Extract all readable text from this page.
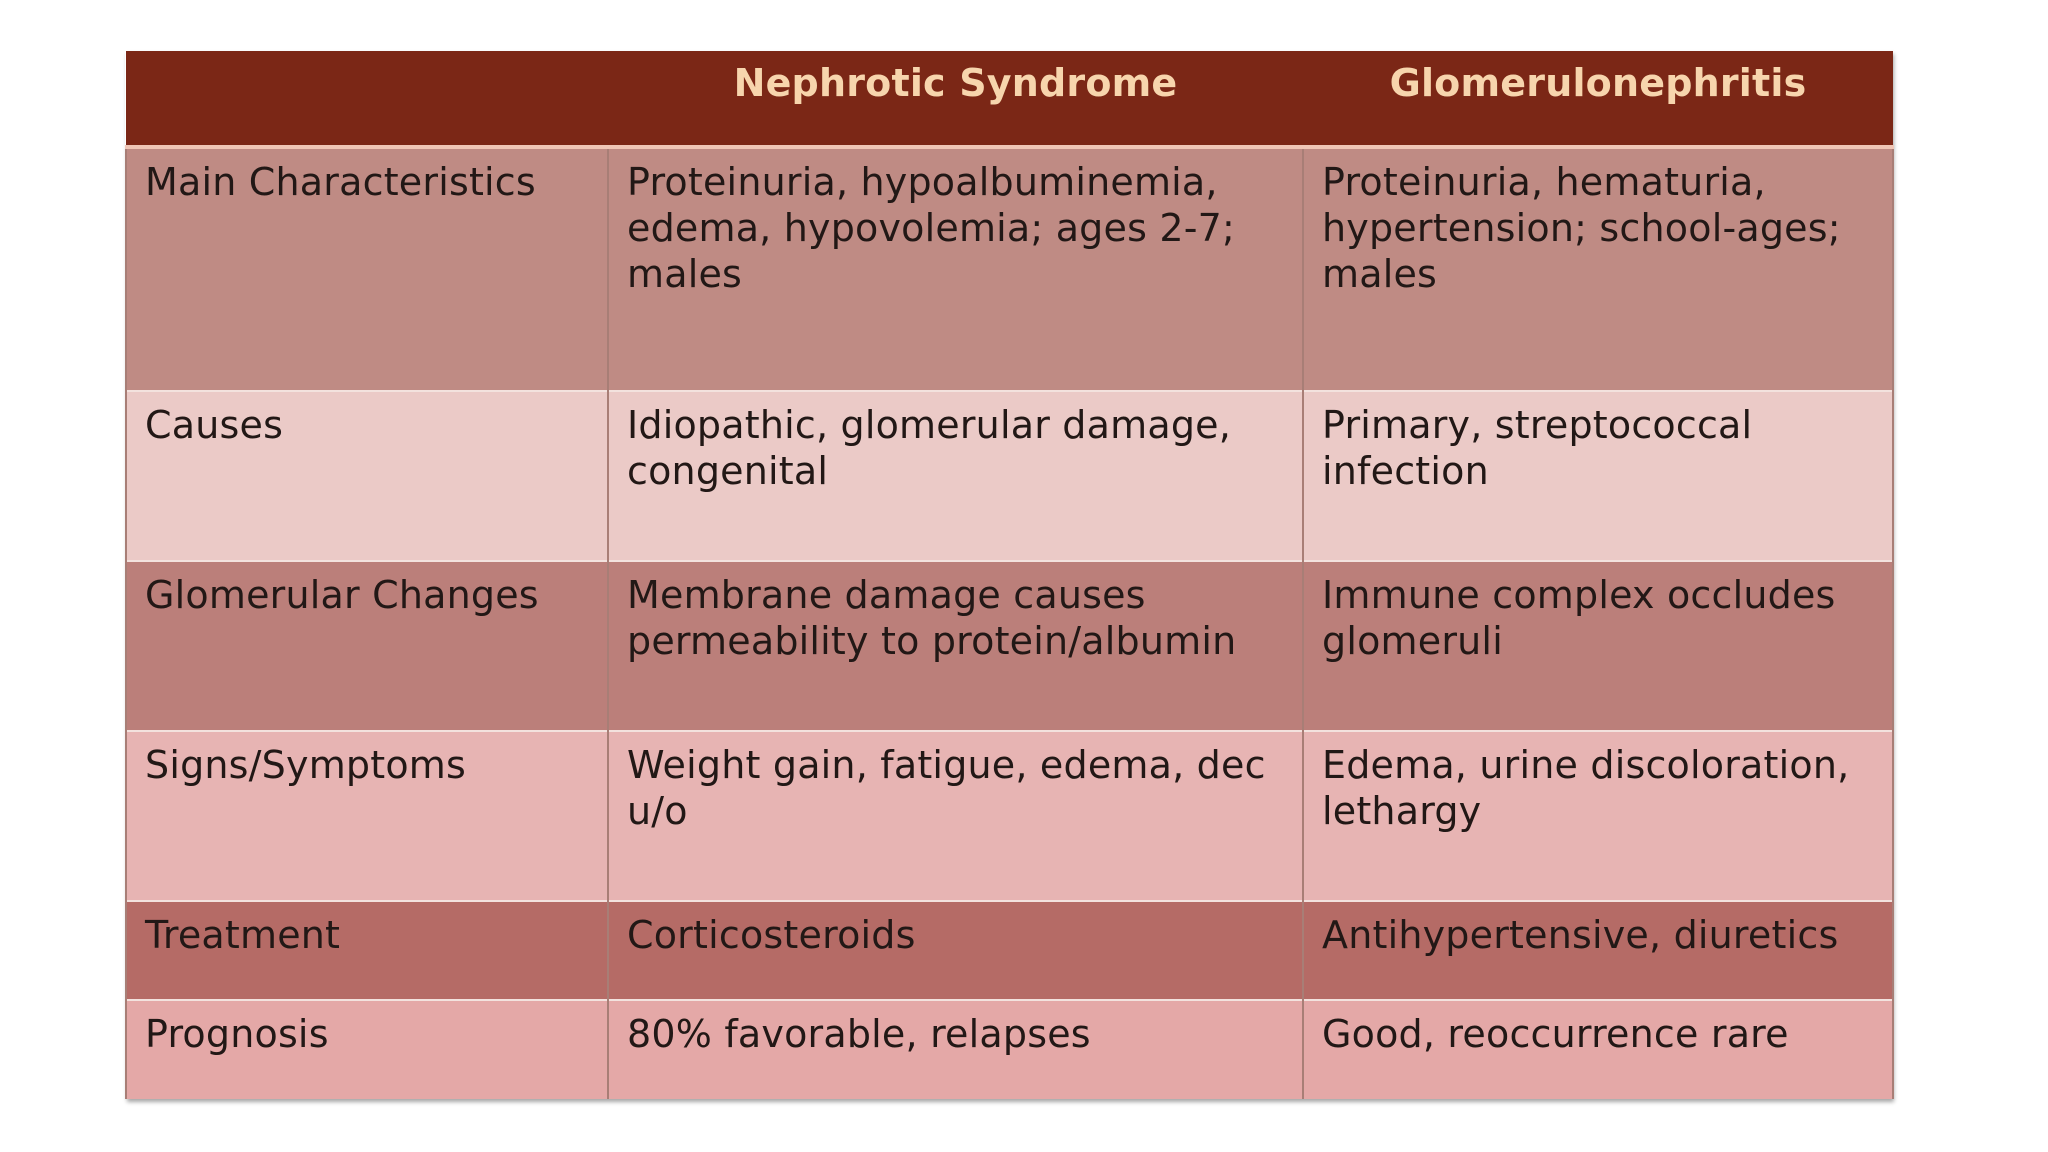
	Nephrotic Syndrome	Glomerulonephritis
Main Characteristics	Proteinuria, hypoalbuminemia, edema, hypovolemia; ages 2-7; males	Proteinuria, hematuria, hypertension; school-ages; males
Causes	Idiopathic, glomerular damage, congenital	Primary, streptococcal infection
Glomerular Changes	Membrane damage causes permeability to protein/albumin	Immune complex occludes glomeruli
Signs/Symptoms	Weight gain, fatigue, edema, dec u/o	Edema, urine discoloration, lethargy
Treatment	Corticosteroids	Antihypertensive, diuretics
Prognosis	80% favorable, relapses	Good, reoccurrence rare
